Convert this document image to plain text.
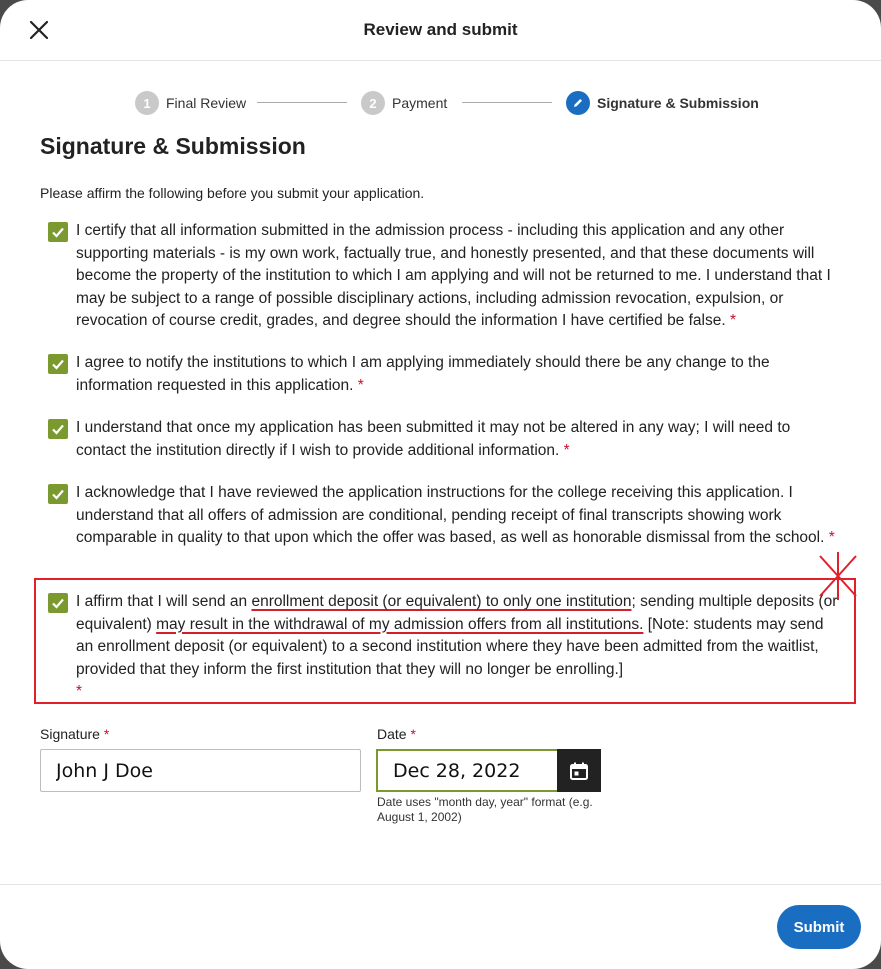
Review and submit
1	Final Review	2	Payment	Signature & Submission
Signature & Submission
Please affirm the following before you submit your application.
I certify that all information submitted in the admission process - including this application and any other supporting materials - is my own work, factually true, and honestly presented, and that these documents will become the property of the institution to which I am applying and will not be returned to me. I understand that I may be subject to a range of possible disciplinary actions, including admission revocation, expulsion, or revocation of course credit, grades, and degree should the information I have certified be false. *
I agree to notify the institutions to which I am applying immediately should there be any change to the information requested in this application. *
I understand that once my application has been submitted it may not be altered in any way; I will need to contact the institution directly if I wish to provide additional information. *
I acknowledge that I have reviewed the application instructions for the college receiving this application. I understand that all offers of admission are conditional, pending receipt of final transcripts showing work comparable in quality to that upon which the offer was based, as well as honorable dismissal from the school. *
I affirm that I will send an enrollment deposit (or equivalent) to only one institution; sending multiple deposits (or equivalent) may result in the withdrawal of my admission offers from all institutions. [Note: students may send an enrollment deposit (or equivalent) to a second institution where they have been admitted from the waitlist, provided that they inform the first institution that they will no longer be enrolling.]
*
Signature *
John J Doe	Date *
Dec 28, 2022
Date uses "month day, year" format (e.g. August 1, 2002)
Submit
